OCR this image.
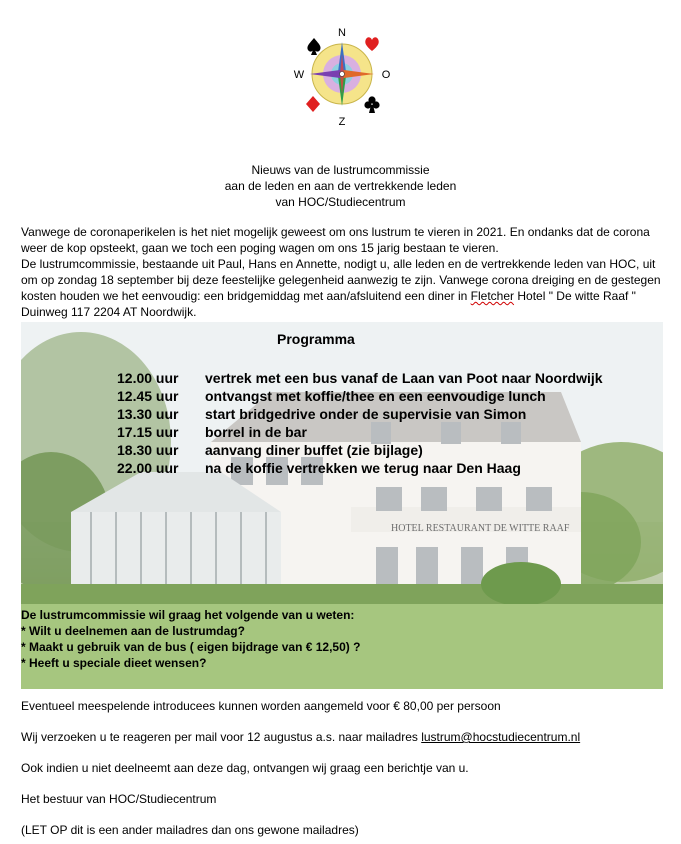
N
Z
W	O
Nieuws van de lustrumcommissie
aan de leden en aan de vertrekkende leden
van HOC/Studiecentrum

Vanwege de coronaperikelen is het niet mogelijk geweest om ons lustrum te vieren in 2021. En ondanks dat de corona weer de kop opsteekt, gaan we toch een poging wagen om ons 15 jarig bestaan te vieren.

De lustrumcommissie, bestaande uit Paul, Hans en Annette, nodigt u, alle leden en de vertrekkende leden van HOC, uit om op zondag 18 september bij deze feestelijke gelegenheid aanwezig te zijn. Vanwege corona dreiging en de gestegen kosten houden we het eenvoudig: een bridgemiddag met aan/afsluitend een diner in Fletcher Hotel " De witte Raaf " Duinweg 117 2204 AT Noordwijk.

HOTEL RESTAURANT DE WITTE RAAF
Programma
12.00 uur	vertrek met een bus vanaf de Laan van Poot naar Noordwijk
12.45 uur	ontvangst met koffie/thee en een eenvoudige lunch
13.30 uur	start bridgedrive onder de supervisie van Simon
17.15 uur	borrel in de bar
18.30 uur	aanvang diner buffet (zie bijlage)
22.00 uur	na de koffie vertrekken we terug naar Den Haag
De lustrumcommissie wil graag het volgende van u weten:
* Wilt u deelnemen aan de lustrumdag?
* Maakt u gebruik van de bus ( eigen bijdrage van € 12,50) ?
* Heeft u speciale dieet wensen?
Eventueel meespelende introducees kunnen worden aangemeld voor € 80,00 per persoon
Wij verzoeken u te reageren per mail voor 12 augustus a.s. naar mailadres lustrum@hocstudiecentrum.nl
Ook indien u niet deelneemt aan deze dag, ontvangen wij graag een berichtje van u.
Het bestuur van HOC/Studiecentrum
(LET OP dit is een ander mailadres dan ons gewone mailadres)
